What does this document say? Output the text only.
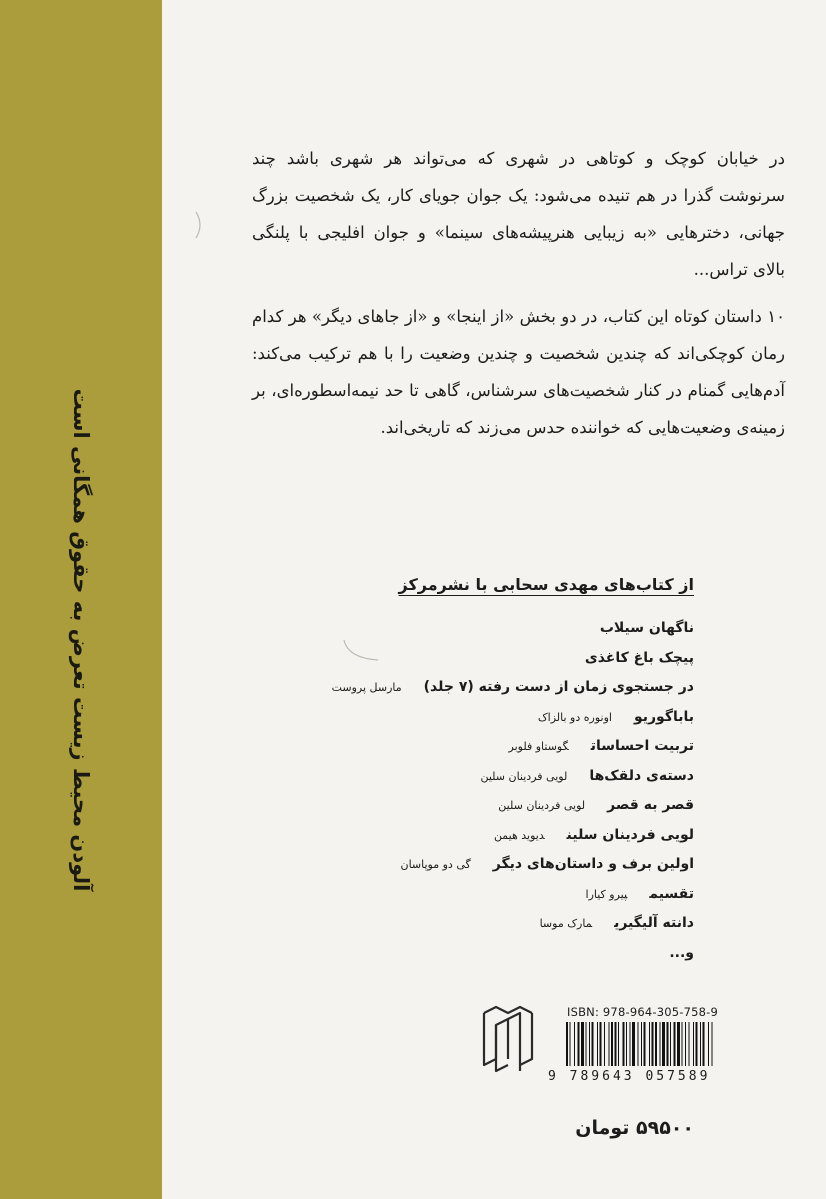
آلودن محیط زیست تعرض به حقوق همگانی است

در خیابان کوچک و کوتاهی در شهری که می‌تواند هر شهری باشد چند سرنوشت گذرا در هم تنیده می‌شود: یک جوان جویای کار، یک شخصیت بزرگ جهانی، دخترهایی «به زیبایی هنرپیشه‌های سینما» و جوان افلیجی با پلنگی بالای تراس...

۱۰ داستان کوتاه این کتاب، در دو بخش «از اینجا» و «از جاهای دیگر» هر کدام رمان کوچکی‌اند که چندین شخصیت و چندین وضعیت را با هم ترکیب می‌کند: آدم‌هایی گمنام در کنار شخصیت‌های سرشناس، گاهی تا حد نیمه‌اسطوره‌ای، بر زمینه‌ی وضعیت‌هایی که خواننده حدس می‌زند که تاریخی‌اند.

از کتاب‌های مهدی سحابی با نشرمرکز
ناگهان سیلاب
پیچک باغ کاغذی
در جستجوی زمان از دست رفته (۷ جلد)مارسل پروست
باباگوریواونوره دو بالزاک
تربیت احساساتگوستاو فلوبر
دسته‌ی دلقک‌هالویی فردینان سلین
قصر به قصرلویی فردینان سلین
لویی فردینان سلیندیوید هیمن
اولین برف و داستان‌های دیگرگی دو موپاسان
تقسیمپیرو کیارا
دانته آلیگیریمارک موسا
و...
ISBN: 978-964-305-758-9
9 789643 057589
۵۹۵۰۰ تومان
